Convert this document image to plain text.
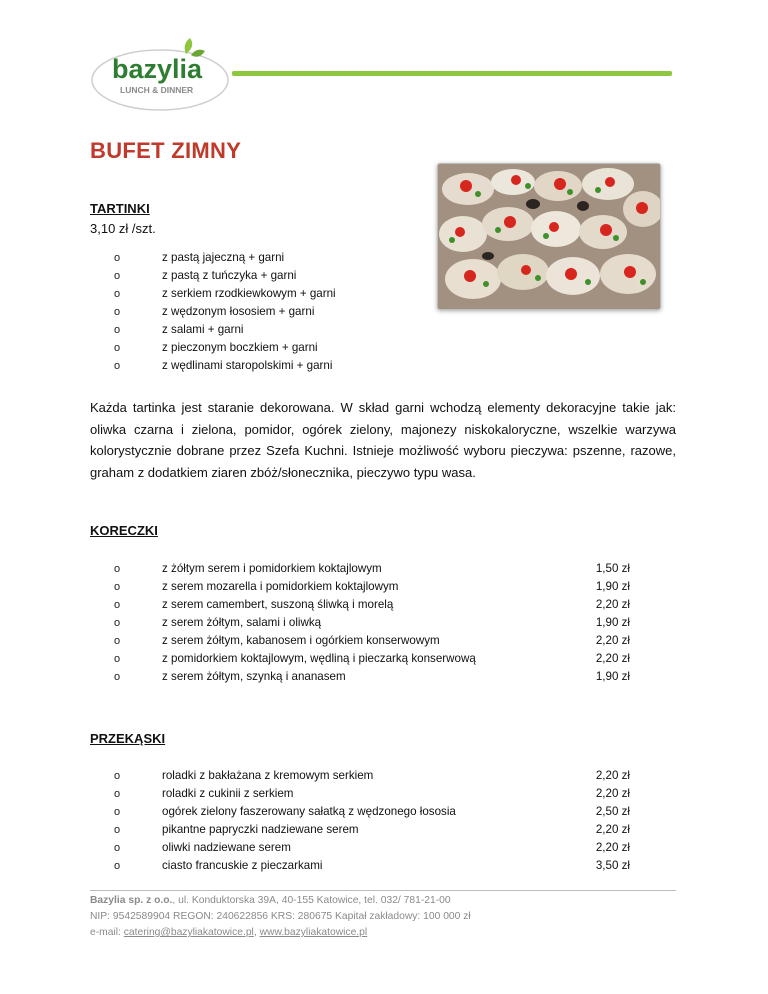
bazylia
LUNCH & DINNER
BUFET ZIMNY
TARTINKI
3,10 zł /szt.
o	z pastą jajeczną + garni
o	z pastą z tuńczyka + garni
o	z serkiem rzodkiewkowym + garni
o	z wędzonym łososiem + garni
o	z salami + garni
o	z pieczonym boczkiem + garni
o	z wędlinami staropolskimi + garni
Każda tartinka jest staranie dekorowana. W skład garni wchodzą elementy dekoracyjne takie jak: oliwka czarna i zielona, pomidor, ogórek zielony, majonezy niskokaloryczne, wszelkie warzywa kolorystycznie dobrane przez Szefa Kuchni. Istnieje możliwość wyboru pieczywa: pszenne, razowe, graham z dodatkiem ziaren zbóż/słonecznika, pieczywo typu wasa.
KORECZKI
o	z żółtym serem i pomidorkiem koktajlowym	1,50 zł
o	z serem mozarella i pomidorkiem koktajlowym	1,90 zł
o	z serem camembert, suszoną śliwką i morelą	2,20 zł
o	z serem żółtym, salami i oliwką	1,90 zł
o	z serem żółtym, kabanosem i ogórkiem konserwowym	2,20 zł
o	z pomidorkiem koktajlowym, wędliną i pieczarką konserwową	2,20 zł
o	z serem żółtym, szynką i ananasem	1,90 zł
PRZEKĄSKI
o	roladki z bakłażana z kremowym serkiem	2,20 zł
o	roladki z cukinii z serkiem	2,20 zł
o	ogórek zielony faszerowany sałatką z wędzonego łososia	2,50 zł
o	pikantne papryczki nadziewane serem	2,20 zł
o	oliwki nadziewane serem	2,20 zł
o	ciasto francuskie z pieczarkami	3,50 zł
Bazylia sp. z o.o., ul. Konduktorska 39A, 40-155 Katowice, tel. 032/ 781-21-00
NIP: 9542589904 REGON: 240622856 KRS: 280675 Kapitał zakładowy: 100 000 zł
e-mail: catering@bazyliakatowice.pl, www.bazyliakatowice.pl
